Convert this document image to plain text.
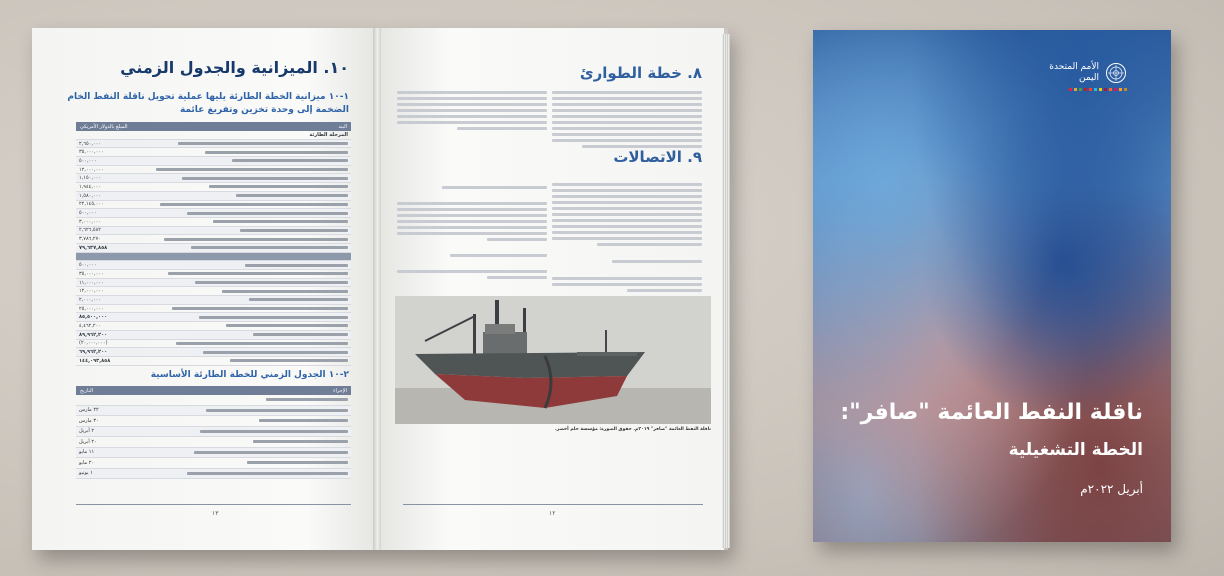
١٠. الميزانية والجدول الزمني
١-١٠ ميزانية الخطة الطارئة يليها عملية تحويل ناقلة النفط الخام الضخمة إلى وحدة تخزين وتفريغ عائمة
المبلغ بالدولار الأمريكي	البند
المرحلة الطارئة
٢,٦٥٠,٠٠٠
٣٥,٠٠٠,٠٠٠
٥٠٠,٠٠٠
١٢,٠٠٠,٠٠٠
١,١٥٠,٠٠٠
١,٩٤٤,٠٠٠
١,٥٨٠,٠٠٠
٢٢,١٤٥,٠٠٠
٥٠٠,٠٠٠
٣,٠٠٠,٠٠٠
٢,٦٢٦,٥٨٢
٣,٧٨٦,٢٧٠
٧٩,٦٣٧,٨٥٨
٥٠٠,٠٠٠
٣٥,٠٠٠,٠٠٠
١١,٠٠٠,٠٠٠
١٢,٠٠٠,٠٠٠
٢,٠٠٠,٠٠٠
٢٥,٠٠٠,٠٠٠
٨٥,٥٠٠,٠٠٠
٤,٤٦٢,٢٠٠
٨٩,٩٦٢,٢٠٠
(٢٠,٠٠٠,٠٠٠)
٦٩,٩٦٢,٢٠٠
١٤٤,٠٩٣,٨٥٨
٢-١٠ الجدول الزمني للخطة الطارئة الأساسية
التاريخ	الإجراء
٢٢ مارس
٣٠ مارس
٢ أبريل
٢٠ أبريل
١١ مايو
٢٠ مايو
١ يونيو
١٣
٨. خطة الطوارئ
٩. الاتصالات
ناقلة النفط العائمة "صافر" ٢٠١٩م. حقوق الصورة: مؤسسة حلم أخضر.
١٢
الأمم المتحدة
اليمن
ناقلة النفط العائمة "صافر":
الخطة التشغيلية
أبريل ٢٠٢٢م
